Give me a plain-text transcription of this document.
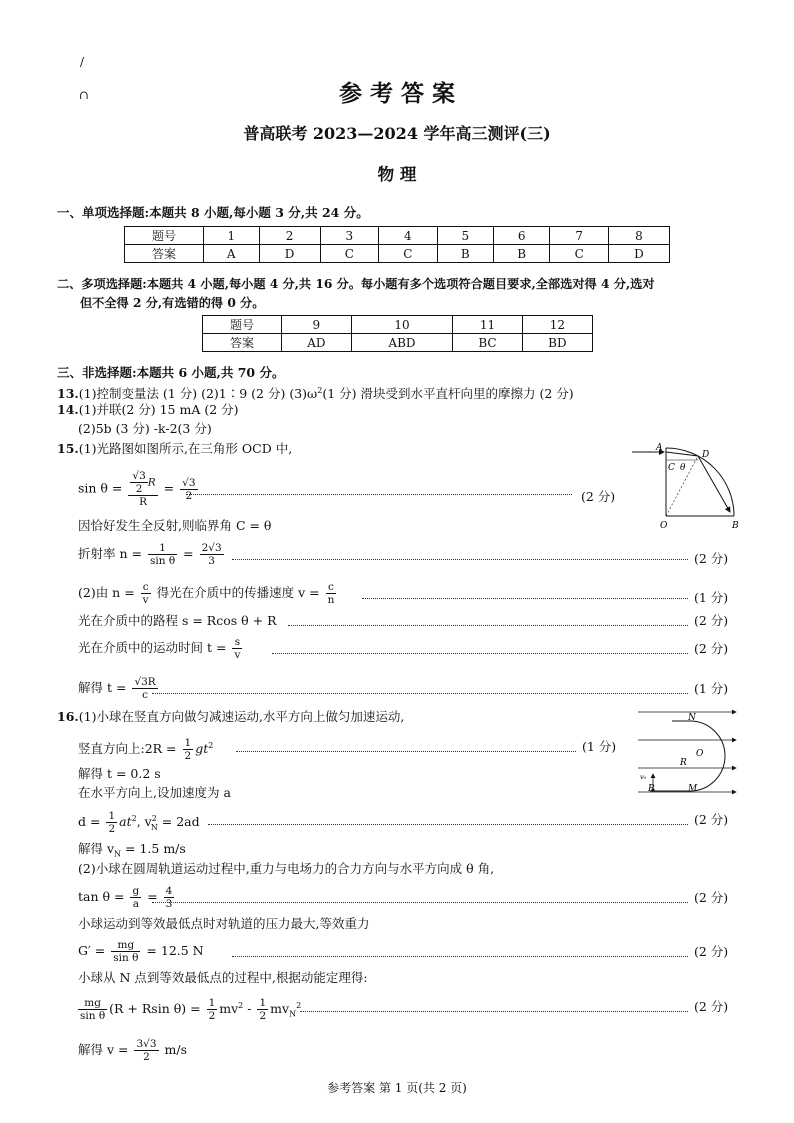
/
∩	参 考 答 案
普高联考 2023—2024 学年高三测评(三)
物 理
一、单项选择题:本题共 8 小题,每小题 3 分,共 24 分。
题号	1	2	3	4	5	6	7	8
答案	A	D	C	C	B	B	C	D
二、多项选择题:本题共 4 小题,每小题 4 分,共 16 分。每小题有多个选项符合题目要求,全部选对得 4 分,选对
但不全得 2 分,有选错的得 0 分。
题号	9	10	11	12
答案	AD	ABD	BC	BD
三、非选择题:本题共 6 小题,共 70 分。
13.(1)控制变量法 (1 分) (2)1∶9 (2 分) $(3)\omega^2(1$ 分) 滑块受到水平直杆向里的摩擦力 (2 分)
14.(1)并联(2 分) 15 mA (2 分)
(2)5b (3 分) -k-2(3 分)
15.(1)光路图如图所示,在三角形 OCD 中,
$\sin \theta = \frac{\frac{√3}{2} R}{R} = \frac{√3}{2}$	(2 分)
因恰好发生全反射,则临界角 C = θ
折射率 $n = \frac{1}{\text{sin θ}} = \frac{2√3}{3}$	(2 分)
(2)由 $n = \frac{c}{v}$ 得光在介质中的传播速度 $v = \frac{c}{n}$	(1 分)
光在介质中的路程 s = Rcos θ + R	(2 分)
光在介质中的运动时间 $t = \frac{s}{v}$	(2 分)
解得 $t = \frac{√3R}{c}$	(1 分)
A
D
C θ
O	B
16.(1)小球在竖直方向做匀减速运动,水平方向上做匀加速运动,
竖直方向上:2R = $\frac{1}{2} gt^2$	(1 分)
解得 t = 0.2 s
在水平方向上,设加速度为 a
$d = \frac{1}{2} at^2$, $v^2_N = 2ad$	(2 分)
解得 $v_N = 1.5$ m/s
(2)小球在圆周轨道运动过程中,重力与电场力的合力方向与水平方向成 θ 角,
$\tan \theta = \frac{g}{a} = \frac{4}{3}$	(2 分)
小球运动到等效最低点时对轨道的压力最大,等效重力
$G' = \frac{mg}{\text{sin θ}} = 12.5$ N	(2 分)
小球从 N 点到等效最低点的过程中,根据动能定理得:
$\frac{mg}{\text{sin θ}} (R + Rsin$ $\theta) = \frac{1}{2} mv^2 - \frac{1}{2} mv_N^2$	(2 分)
解得 $v = \frac{3√3}{2} m/s$
N
O
R
v₀
P	M
参考答案 第 1 页(共 2 页)
